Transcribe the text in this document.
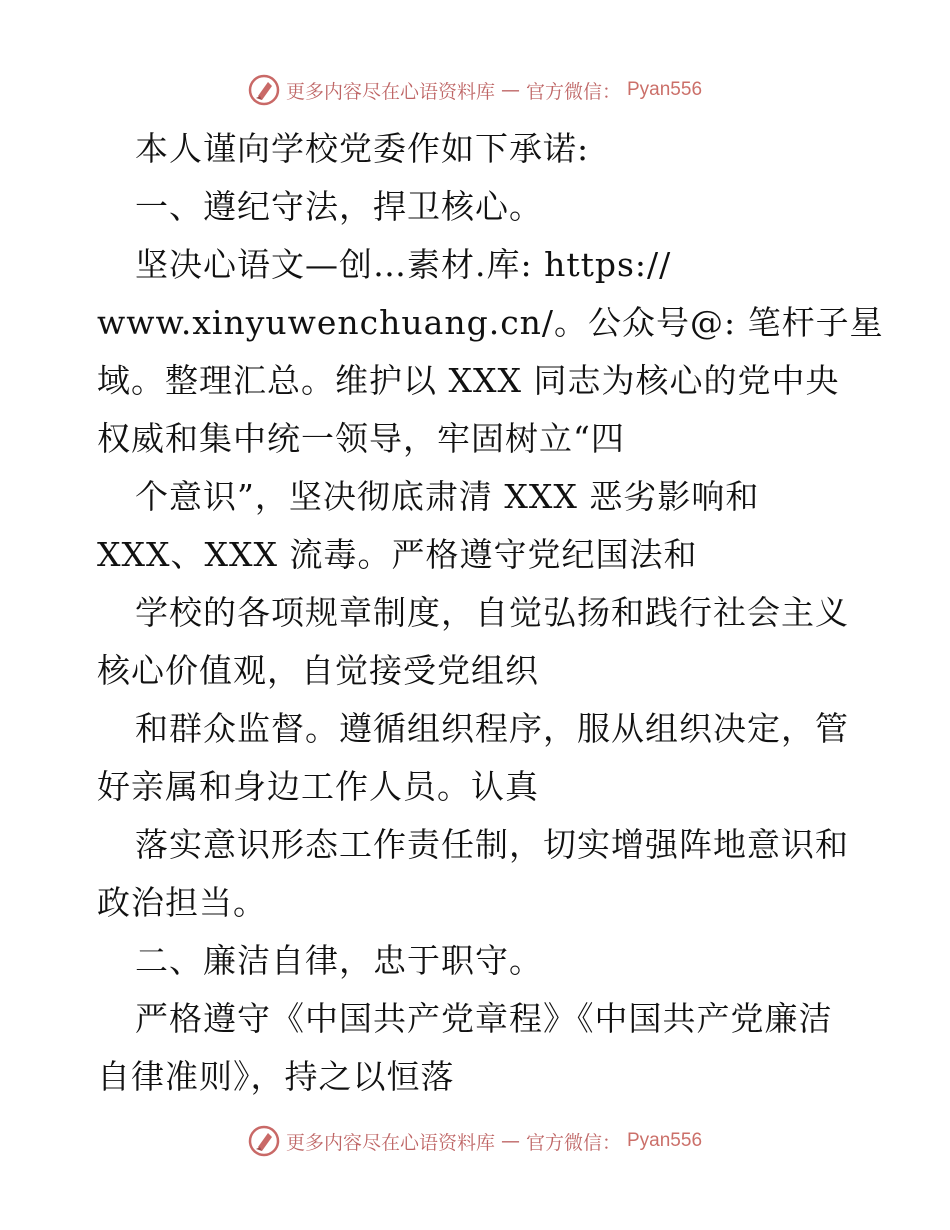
更多内容尽在心语资料库 — 官方微信： Pyan556
本人谨向学校党委作如下承诺:
一、遵纪守法，捍卫核心。
坚决心语文—创…素材.库: https://
www.xinyuwenchuang.cn/。公众号@: 笔杆子星
域。整理汇总。维护以 XXX 同志为核心的党中央
权威和集中统一领导，牢固树立“四
个意识”，坚决彻底肃清 XXX 恶劣影响和
XXX、XXX 流毒。严格遵守党纪国法和
学校的各项规章制度，自觉弘扬和践行社会主义
核心价值观，自觉接受党组织
和群众监督。遵循组织程序，服从组织决定，管
好亲属和身边工作人员。认真
落实意识形态工作责任制，切实增强阵地意识和
政治担当。
二、廉洁自律，忠于职守。
严格遵守《中国共产党章程》《中国共产党廉洁
自律准则》，持之以恒落
更多内容尽在心语资料库 — 官方微信： Pyan556
